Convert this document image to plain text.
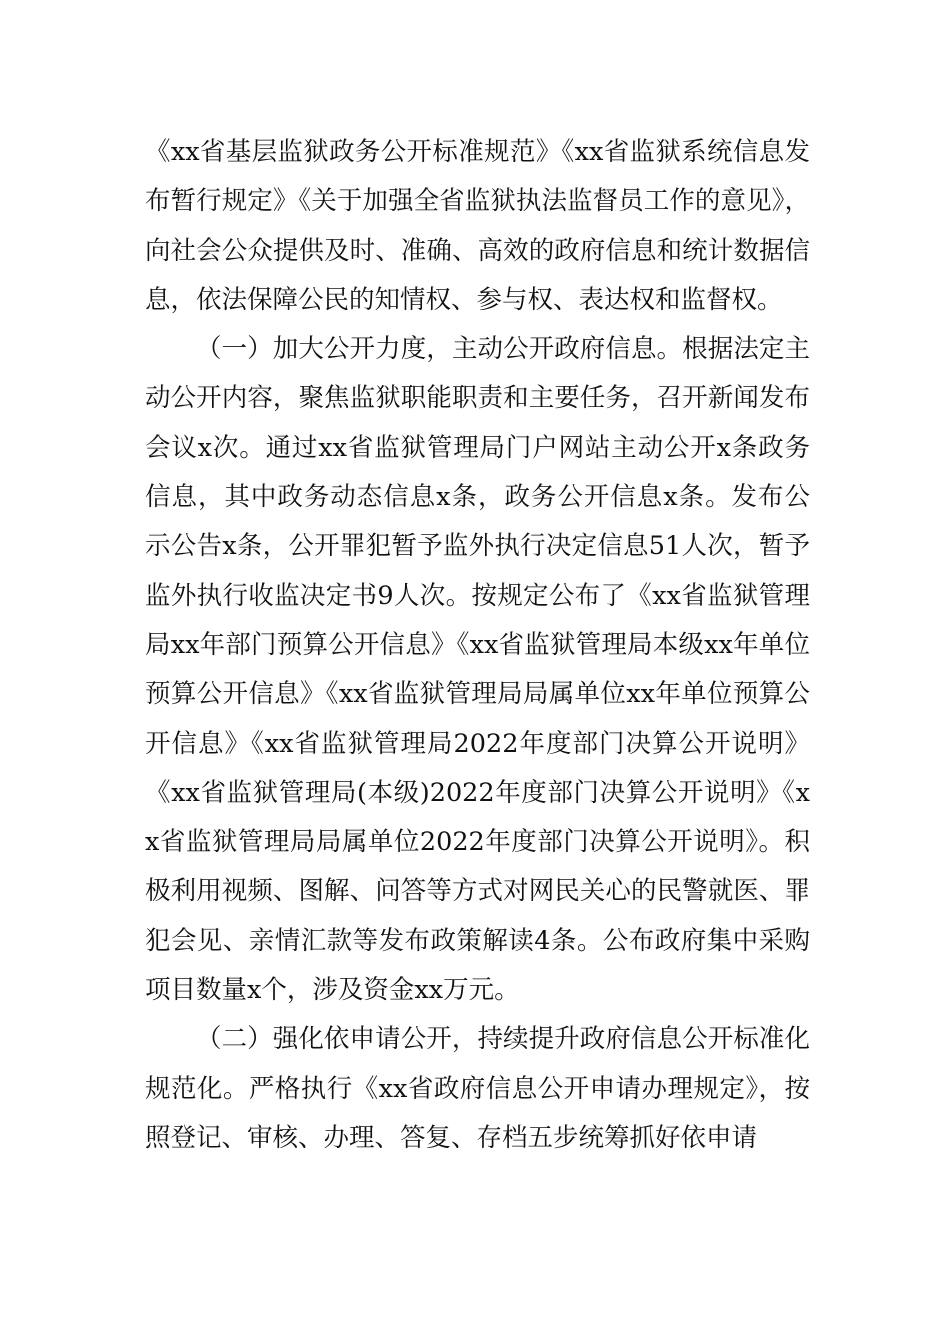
《xx省基层监狱政务公开标准规范》《xx省监狱系统信息发布暂行规定》《关于加强全省监狱执法监督员工作的意见》，向社会公众提供及时、准确、高效的政府信息和统计数据信息，依法保障公民的知情权、参与权、表达权和监督权。

（一）加大公开力度，主动公开政府信息。根据法定主动公开内容，聚焦监狱职能职责和主要任务，召开新闻发布会议x次。通过xx省监狱管理局门户网站主动公开x条政务信息，其中政务动态信息x条，政务公开信息x条。发布公示公告x条，公开罪犯暂予监外执行决定信息51人次，暂予监外执行收监决定书9人次。按规定公布了《xx省监狱管理局xx年部门预算公开信息》《xx省监狱管理局本级xx年单位预算公开信息》《xx省监狱管理局局属单位xx年单位预算公开信息》《xx省监狱管理局2022年度部门决算公开说明》《xx省监狱管理局(本级)2022年度部门决算公开说明》《xx省监狱管理局局属单位2022年度部门决算公开说明》。积极利用视频、图解、问答等方式对网民关心的民警就医、罪犯会见、亲情汇款等发布政策解读4条。公布政府集中采购项目数量x个，涉及资金xx万元。

（二）强化依申请公开，持续提升政府信息公开标准化规范化。严格执行《xx省政府信息公开申请办理规定》，按照登记、审核、办理、答复、存档五步统筹抓好依申请
